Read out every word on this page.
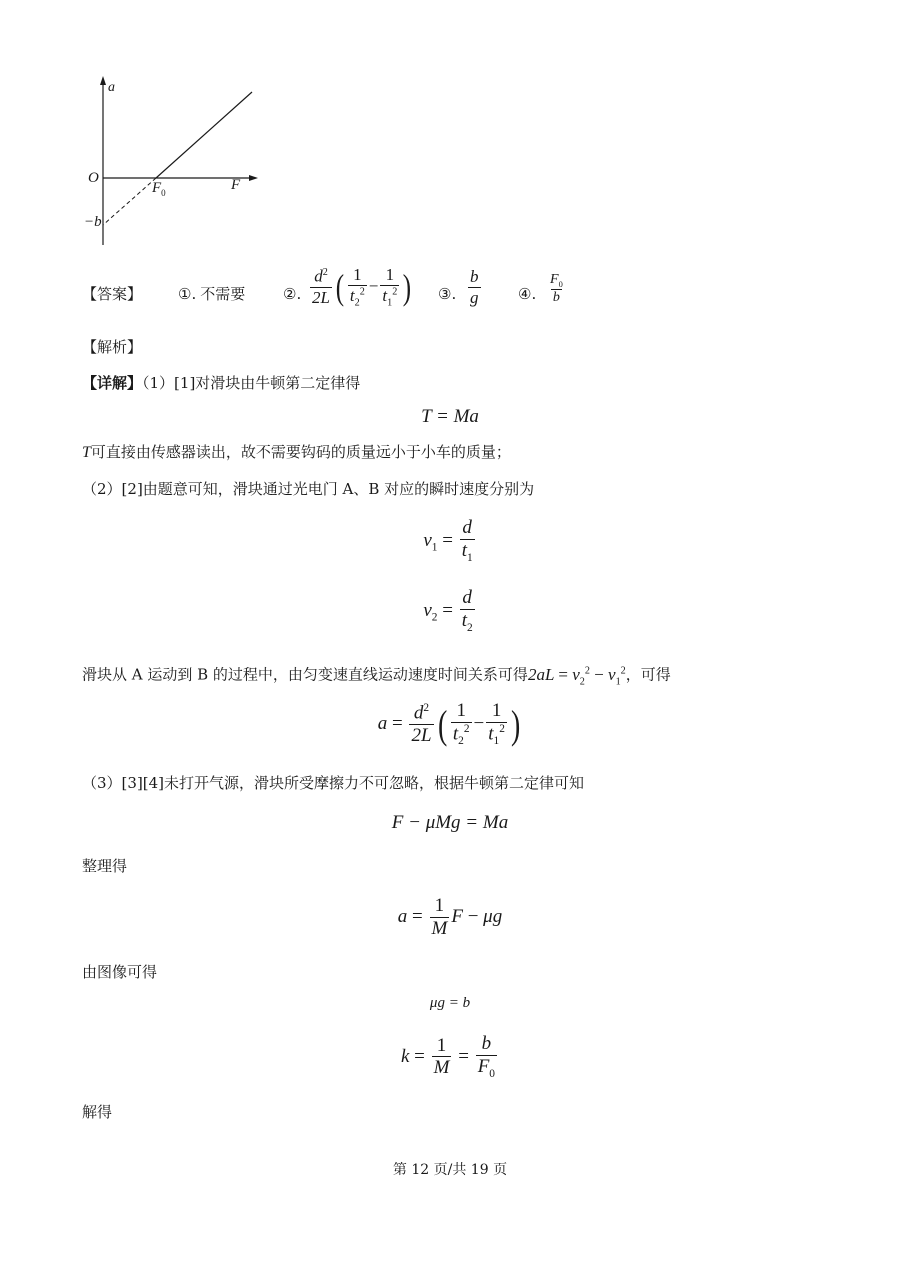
a
O	F
$F_0$
−b
【答案】 ①. 不需要	②. $\frac{d^2}{2L}$ ( $\frac{1}{t_2^2} - \frac{1}{t_1^2}$ ) ③. $\frac{b}{g}$	④. $\frac{F_0}{b}$
【解析】
【详解】（1）[1]对滑块由牛顿第二定律得
T = Ma
T可直接由传感器读出，故不需要钩码的质量远小于小车的质量；
（2）[2]由题意可知，滑块通过光电门 A、B 对应的瞬时速度分别为
$v_1 = \frac{d}{t_1}$
$v_2 = \frac{d}{t_2}$
滑块从 A 运动到 B 的过程中，由匀变速直线运动速度时间关系可得$2aL = v_2^2 - v_1^2$，可得
$a = \frac{d^2}{2L}$ ( $\frac{1}{t_2^2} - \frac{1}{t_1^2}$ )
（3）[3][4]未打开气源，滑块所受摩擦力不可忽略，根据牛顿第二定律可知
F − μMg = Ma
整理得
$a = \frac{1}{M}$ F − μg
由图像可得
μg = b
$k = \frac{1}{M} = \frac{b}{F_0}$
解得
第 12 页/共 19 页
